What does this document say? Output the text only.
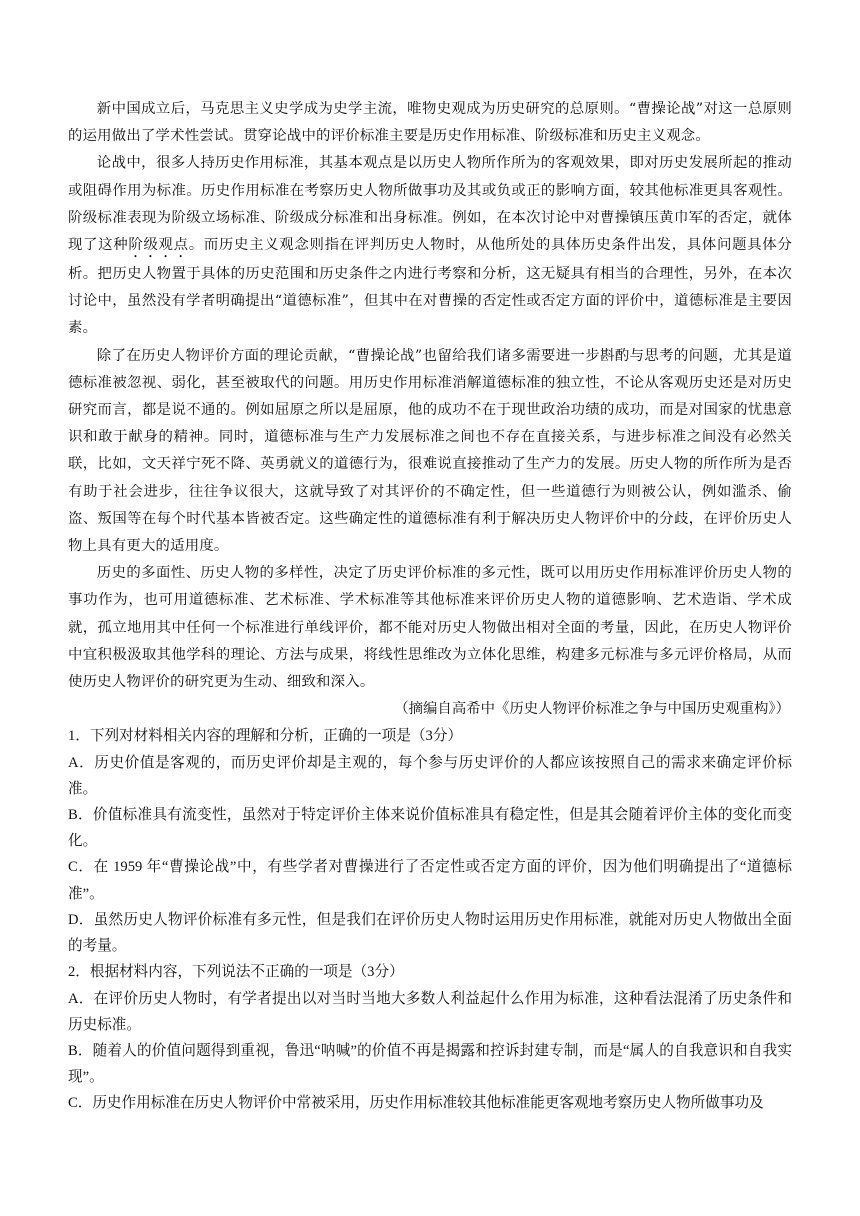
新中国成立后，马克思主义史学成为史学主流，唯物史观成为历史研究的总原则。“曹操论战”对这一总原则的运用做出了学术性尝试。贯穿论战中的评价标准主要是历史作用标准、阶级标准和历史主义观念。

论战中，很多人持历史作用标准，其基本观点是以历史人物所作所为的客观效果，即对历史发展所起的推动或阻碍作用为标准。历史作用标准在考察历史人物所做事功及其或负或正的影响方面，较其他标准更具客观性。阶级标准表现为阶级立场标准、阶级成分标准和出身标准。例如，在本次讨论中对曹操镇压黄巾军的否定，就体现了这种阶级观点。而历史主义观念则指在评判历史人物时，从他所处的具体历史条件出发，具体问题具体分析。把历史人物置于具体的历史范围和历史条件之内进行考察和分析，这无疑具有相当的合理性，另外，在本次讨论中，虽然没有学者明确提出“道德标准”，但其中在对曹操的否定性或否定方面的评价中，道德标准是主要因素。

除了在历史人物评价方面的理论贡献，“曹操论战”也留给我们诸多需要进一步斟酌与思考的问题，尤其是道德标准被忽视、弱化，甚至被取代的问题。用历史作用标准消解道德标准的独立性，不论从客观历史还是对历史研究而言，都是说不通的。例如屈原之所以是屈原，他的成功不在于现世政治功绩的成功，而是对国家的忧患意识和敢于献身的精神。同时，道德标准与生产力发展标准之间也不存在直接关系，与进步标准之间没有必然关联，比如，文天祥宁死不降、英勇就义的道德行为，很难说直接推动了生产力的发展。历史人物的所作所为是否有助于社会进步，往往争议很大，这就导致了对其评价的不确定性，但一些道德行为则被公认，例如滥杀、偷盗、叛国等在每个时代基本皆被否定。这些确定性的道德标准有利于解决历史人物评价中的分歧，在评价历史人物上具有更大的适用度。

历史的多面性、历史人物的多样性，决定了历史评价标准的多元性，既可以用历史作用标准评价历史人物的事功作为，也可用道德标准、艺术标准、学术标准等其他标准来评价历史人物的道德影响、艺术造诣、学术成就，孤立地用其中任何一个标准进行单线评价，都不能对历史人物做出相对全面的考量，因此，在历史人物评价中宜积极汲取其他学科的理论、方法与成果，将线性思维改为立体化思维，构建多元标准与多元评价格局，从而使历史人物评价的研究更为生动、细致和深入。

（摘编自高希中《历史人物评价标准之争与中国历史观重构》）

1．下列对材料相关内容的理解和分析，正确的一项是（3分）

A．历史价值是客观的，而历史评价却是主观的，每个参与历史评价的人都应该按照自己的需求来确定评价标准。

B．价值标准具有流变性，虽然对于特定评价主体来说价值标准具有稳定性，但是其会随着评价主体的变化而变化。

C．在 1959 年“曹操论战”中，有些学者对曹操进行了否定性或否定方面的评价，因为他们明确提出了“道德标准”。

D．虽然历史人物评价标准有多元性，但是我们在评价历史人物时运用历史作用标准，就能对历史人物做出全面的考量。

2．根据材料内容，下列说法不正确的一项是（3分）

A．在评价历史人物时，有学者提出以对当时当地大多数人利益起什么作用为标准，这种看法混淆了历史条件和历史标准。

B．随着人的价值问题得到重视，鲁迅“呐喊”的价值不再是揭露和控诉封建专制，而是“属人的自我意识和自我实现”。

C．历史作用标准在历史人物评价中常被采用，历史作用标准较其他标准能更客观地考察历史人物所做事功及
